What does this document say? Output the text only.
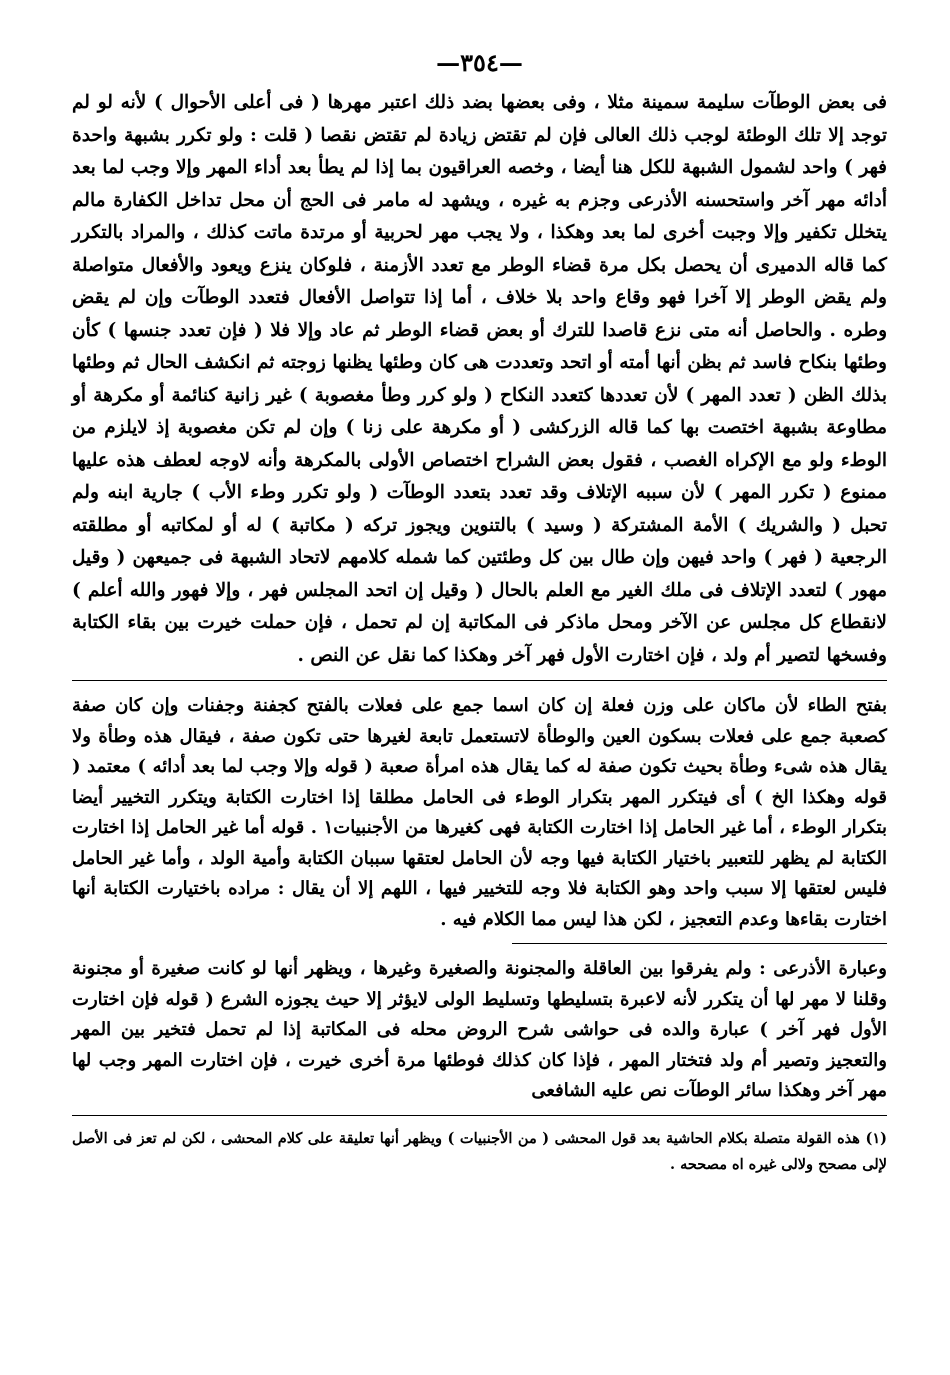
—٣٥٤—

فى بعض الوطآت سليمة سمينة مثلا ، وفى بعضها بضد ذلك اعتبر مهرها ( فى أعلى الأحوال ) لأنه لو لم توجد إلا تلك الوطئة لوجب ذلك العالى فإن لم تقتض زيادة لم تقتض نقصا ( قلت : ولو تكرر بشبهة واحدة فهر ) واحد لشمول الشبهة للكل هنا أيضا ، وخصه العراقيون بما إذا لم يطأ بعد أداء المهر وإلا وجب لما بعد أدائه مهر آخر واستحسنه الأذرعى وجزم به غيره ، ويشهد له مامر فى الحج أن محل تداخل الكفارة مالم يتخلل تكفير وإلا وجبت أخرى لما بعد وهكذا ، ولا يجب مهر لحربية أو مرتدة ماتت كذلك ، والمراد بالتكرر كما قاله الدميرى أن يحصل بكل مرة قضاء الوطر مع تعدد الأزمنة ، فلوكان ينزع ويعود والأفعال متواصلة ولم يقض الوطر إلا آخرا فهو وقاع واحد بلا خلاف ، أما إذا تتواصل الأفعال فتعدد الوطآت وإن لم يقض وطره . والحاصل أنه متى نزع قاصدا للترك أو بعض قضاء الوطر ثم عاد وإلا فلا ( فإن تعدد جنسها ) كأن وطئها بنكاح فاسد ثم بظن أنها أمته أو اتحد وتعددت هى كان وطئها يظنها زوجته ثم انكشف الحال ثم وطئها بذلك الظن ( تعدد المهر ) لأن تعددها كتعدد النكاح ( ولو كرر وطأ مغصوبة ) غير زانية كنائمة أو مكرهة أو مطاوعة بشبهة اختصت بها كما قاله الزركشى ( أو مكرهة على زنا ) وإن لم تكن مغصوبة إذ لايلزم من الوطء ولو مع الإكراه الغصب ، فقول بعض الشراح اختصاص الأولى بالمكرهة وأنه لاوجه لعطف هذه عليها ممنوع ( تكرر المهر ) لأن سببه الإتلاف وقد تعدد بتعدد الوطآت ( ولو تكرر وطء الأب ) جارية ابنه ولم تحبل ( والشريك ) الأمة المشتركة ( وسيد ) بالتنوين ويجوز تركه ( مكاتبة ) له أو لمكاتبه أو مطلقته الرجعية ( فهر ) واحد فيهن وإن طال بين كل وطئتين كما شمله كلامهم لاتحاد الشبهة فى جميعهن ( وقيل مهور ) لتعدد الإتلاف فى ملك الغير مع العلم بالحال ( وقيل إن اتحد المجلس فهر ، وإلا فهور والله أعلم ) لانقطاع كل مجلس عن الآخر ومحل ماذكر فى المكاتبة إن لم تحمل ، فإن حملت خيرت بين بقاء الكتابة وفسخها لتصير أم ولد ، فإن اختارت الأول فهر آخر وهكذا كما نقل عن النص .

بفتح الطاء لأن ماكان على وزن فعلة إن كان اسما جمع على فعلات بالفتح كجفنة وجفنات وإن كان صفة كصعبة جمع على فعلات بسكون العين والوطأة لاتستعمل تابعة لغيرها حتى تكون صفة ، فيقال هذه وطأة ولا يقال هذه شىء وطأة بحيث تكون صفة له كما يقال هذه امرأة صعبة ( قوله وإلا وجب لما بعد أدائه ) معتمد ( قوله وهكذا الخ ) أى فيتكرر المهر بتكرار الوطء فى الحامل مطلقا إذا اختارت الكتابة ويتكرر التخيير أيضا بتكرار الوطء ، أما غير الحامل إذا اختارت الكتابة فهى كغيرها من الأجنبيات١ . قوله أما غير الحامل إذا اختارت الكتابة لم يظهر للتعبير باختيار الكتابة فيها وجه لأن الحامل لعتقها سببان الكتابة وأمية الولد ، وأما غير الحامل فليس لعتقها إلا سبب واحد وهو الكتابة فلا وجه للتخيير فيها ، اللهم إلا أن يقال : مراده باختيارت الكتابة أنها اختارت بقاءها وعدم التعجيز ، لكن هذا ليس مما الكلام فيه .

وعبارة الأذرعى : ولم يفرقوا بين العاقلة والمجنونة والصغيرة وغيرها ، ويظهر أنها لو كانت صغيرة أو مجنونة وقلنا لا مهر لها أن يتكرر لأنه لاعبرة بتسليطها وتسليط الولى لايؤثر إلا حيث يجوزه الشرع ( قوله فإن اختارت الأول فهر آخر ) عبارة والده فى حواشى شرح الروض محله فى المكاتبة إذا لم تحمل فتخير بين المهر والتعجيز وتصير أم ولد فتختار المهر ، فإذا كان كذلك فوطئها مرة أخرى خيرت ، فإن اختارت المهر وجب لها مهر آخر وهكذا سائر الوطآت نص عليه الشافعى

(١) هذه القولة متصلة بكلام الحاشية بعد قول المحشى ( من الأجنبيات ) ويظهر أنها تعليقة على كلام المحشى ، لكن لم تعز فى الأصل لإلى مصحح ولالى غيره اه مصححه .
